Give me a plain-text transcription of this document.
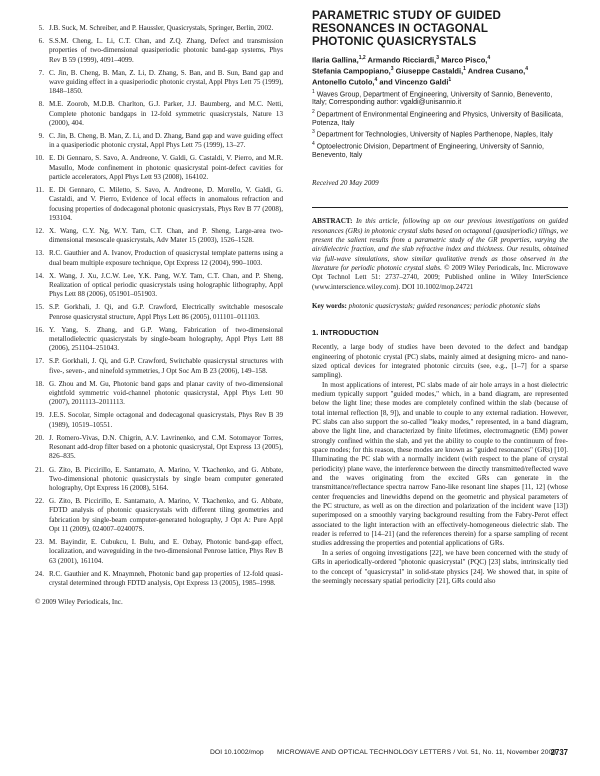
5. J.B. Suck, M. Schreiber, and P. Haussler, Quasicrystals, Springer, Berlin, 2002.
6. S.S.M. Cheng, L. Li, C.T. Chan, and Z.Q. Zhang, Defect and transmission properties of two-dimensional quasiperiodic photonic band-gap systems, Phys Rev B 59 (1999), 4091–4099.
7. C. Jin, B. Cheng, B. Man, Z. Li, D. Zhang, S. Ban, and B. Sun, Band gap and wave guiding effect in a quasiperiodic photonic crystal, Appl Phys Lett 75 (1999), 1848–1850.
8. M.E. Zoorob, M.D.B. Charlton, G.J. Parker, J.J. Baumberg, and M.C. Netti, Complete photonic bandgaps in 12-fold symmetric quasicrystals, Nature 13 (2000), 404.
9. C. Jin, B. Cheng, B. Man, Z. Li, and D. Zhang, Band gap and wave guiding effect in a quasiperiodic photonic crystal, Appl Phys Lett 75 (1999), 13–27.
10. E. Di Gennaro, S. Savo, A. Andreone, V. Galdi, G. Castaldi, V. Pierro, and M.R. Masullo, Mode confinement in photonic quasicrystal point-defect cavities for particle accelerators, Appl Phys Lett 93 (2008), 164102.
11. E. Di Gennaro, C. Miletto, S. Savo, A. Andreone, D. Morello, V. Galdi, G. Castaldi, and V. Pierro, Evidence of local effects in anomalous refraction and focusing properties of dodecagonal photonic quasicrystals, Phys Rev B 77 (2008), 193104.
12. X. Wang, C.Y. Ng, W.Y. Tam, C.T. Chan, and P. Sheng, Large-area two-dimensional mesoscale quasicrystals, Adv Mater 15 (2003), 1526–1528.
13. R.C. Gauthier and A. Ivanov, Production of quasicrystal template patterns using a dual beam multiple exposure technique, Opt Express 12 (2004), 990–1003.
14. X. Wang, J. Xu, J.C.W. Lee, Y.K. Pang, W.Y. Tam, C.T. Chan, and P. Sheng, Realization of optical periodic quasicrystals using holographic lithography, Appl Phys Lett 88 (2006), 051901–051903.
15. S.P. Gorkhali, J. Qi, and G.P. Crawford, Electrically switchable mesoscale Penrose quasicrystal structure, Appl Phys Lett 86 (2005), 011101–011103.
16. Y. Yang, S. Zhang, and G.P. Wang, Fabrication of two-dimensional metallodielectric quasicrystals by single-beam holography, Appl Phys Lett 88 (2006), 251104–251043.
17. S.P. Gorkhali, J. Qi, and G.P. Crawford, Switchable quasicrystal structures with five-, seven-, and ninefold symmetries, J Opt Soc Am B 23 (2006), 149–158.
18. G. Zhou and M. Gu, Photonic band gaps and planar cavity of two-dimensional eightfold symmetric void-channel photonic quasicrystal, Appl Phys Lett 90 (2007), 2011113–2011113.
19. J.E.S. Socolar, Simple octagonal and dodecagonal quasicrystals, Phys Rev B 39 (1989), 10519–10551.
20. J. Romero-Vivas, D.N. Chigrin, A.V. Lavrinenko, and C.M. Sotomayor Torres, Resonant add-drop filter based on a photonic quasicrystal, Opt Express 13 (2005), 826–835.
21. G. Zito, B. Piccirillo, E. Santamato, A. Marino, V. Tkachenko, and G. Abbate, Two-dimensional photonic quasicrystals by single beam computer generated holography, Opt Express 16 (2008), 5164.
22. G. Zito, B. Piccirillo, E. Santamato, A. Marino, V. Tkachenko, and G. Abbate, FDTD analysis of photonic quasicrystals with different tiling geometries and fabrication by single-beam computer-generated holography, J Opt A: Pure Appl Opt 11 (2009), 024007–024007S.
23. M. Bayindir, E. Cubukcu, I. Bulu, and E. Ozbay, Photonic band-gap effect, localization, and waveguiding in the two-dimensional Penrose lattice, Phys Rev B 63 (2001), 161104.
24. R.C. Gauthier and K. Mnaymneh, Photonic band gap properties of 12-fold quasi-crystal determined through FDTD analysis, Opt Express 13 (2005), 1985–1998.
© 2009 Wiley Periodicals, Inc.
PARAMETRIC STUDY OF GUIDED
RESONANCES IN OCTAGONAL
PHOTONIC QUASICRYSTALS
Ilaria Gallina,$^{1,2}$ Armando Ricciardi,$^3$ Marco Pisco,$^4$
Stefania Campopiano,$^3$ Giuseppe Castaldi,$^1$ Andrea Cusano,$^4$
Antonello Cutolo,$^4$ and Vincenzo Galdi$^1$
$^1$ Waves Group, Department of Engineering, University of Sannio, Benevento, Italy; Corresponding author: vgaldi@unisannio.it
$^2$ Department of Environmental Engineering and Physics, University of Basilicata, Potenza, Italy
$^3$ Department for Technologies, University of Naples Parthenope, Naples, Italy
$^4$ Optoelectronic Division, Department of Engineering, University of Sannio, Benevento, Italy
Received 20 May 2009
ABSTRACT: In this article, following up on our previous investigations on guided resonances (GRs) in photonic crystal slabs based on octagonal (quasiperiodic) tilings, we present the salient results from a parametric study of the GR properties, varying the air/dielectric fraction, and the slab refractive index and thickness. Our results, obtained via full-wave simulations, show similar qualitative trends as those observed in the literature for periodic photonic crystal slabs. © 2009 Wiley Periodicals, Inc. Microwave Opt Technol Lett 51: 2737–2740, 2009; Published online in Wiley InterScience (www.interscience.wiley.com). DOI 10.1002/mop.24721
Key words: photonic quasicrystals; guided resonances; periodic photonic slabs
1. INTRODUCTION

Recently, a large body of studies have been devoted to the defect and bandgap engineering of photonic crystal (PC) slabs, mainly aimed at designing micro- and nano-sized optical devices for integrated photonic circuits (see, e.g., [1–7] for a sparse sampling).

In most applications of interest, PC slabs made of air hole arrays in a host dielectric medium typically support "guided modes," which, in a band diagram, are represented below the light line; these modes are completely confined within the slab (because of total internal reflection [8, 9]), and unable to couple to any external radiation. However, PC slabs can also support the so-called "leaky modes," represented, in a band diagram, above the light line, and characterized by finite lifetimes, electromagnetic (EM) power strongly confined within the slab, and yet the ability to couple to the continuum of free-space modes; for this reason, these modes are known as "guided resonances" (GRs) [10]. Illuminating the PC slab with a normally incident (with respect to the plane of crystal periodicity) plane wave, the interference between the directly transmitted/reflected wave and the waves originating from the excited GRs can generate in the transmittance/reflectance spectra narrow Fano-like resonant line shapes [11, 12] (whose center frequencies and linewidths depend on the geometric and physical parameters of the PC structure, as well as on the direction and polarization of the incident wave [13]) superimposed on a smoothly varying background resulting from the Fabry-Perot effect associated to the light interaction with an effectively-homogeneous dielectric slab. The reader is referred to [14–21] (and the references therein) for a sparse sampling of recent studies addressing the properties and potential applications of GRs.

In a series of ongoing investigations [22], we have been concerned with the study of GRs in aperiodically-ordered "photonic quasicrystal" (PQC) [23] slabs, intrinsically tied to the concept of "quasicrystal" in solid-state physics [24]. We showed that, in spite of the seemingly necessary spatial periodicity [21], GRs could also

DOI 10.1002/mop MICROWAVE AND OPTICAL TECHNOLOGY LETTERS / Vol. 51, No. 11, November 2009
2737
